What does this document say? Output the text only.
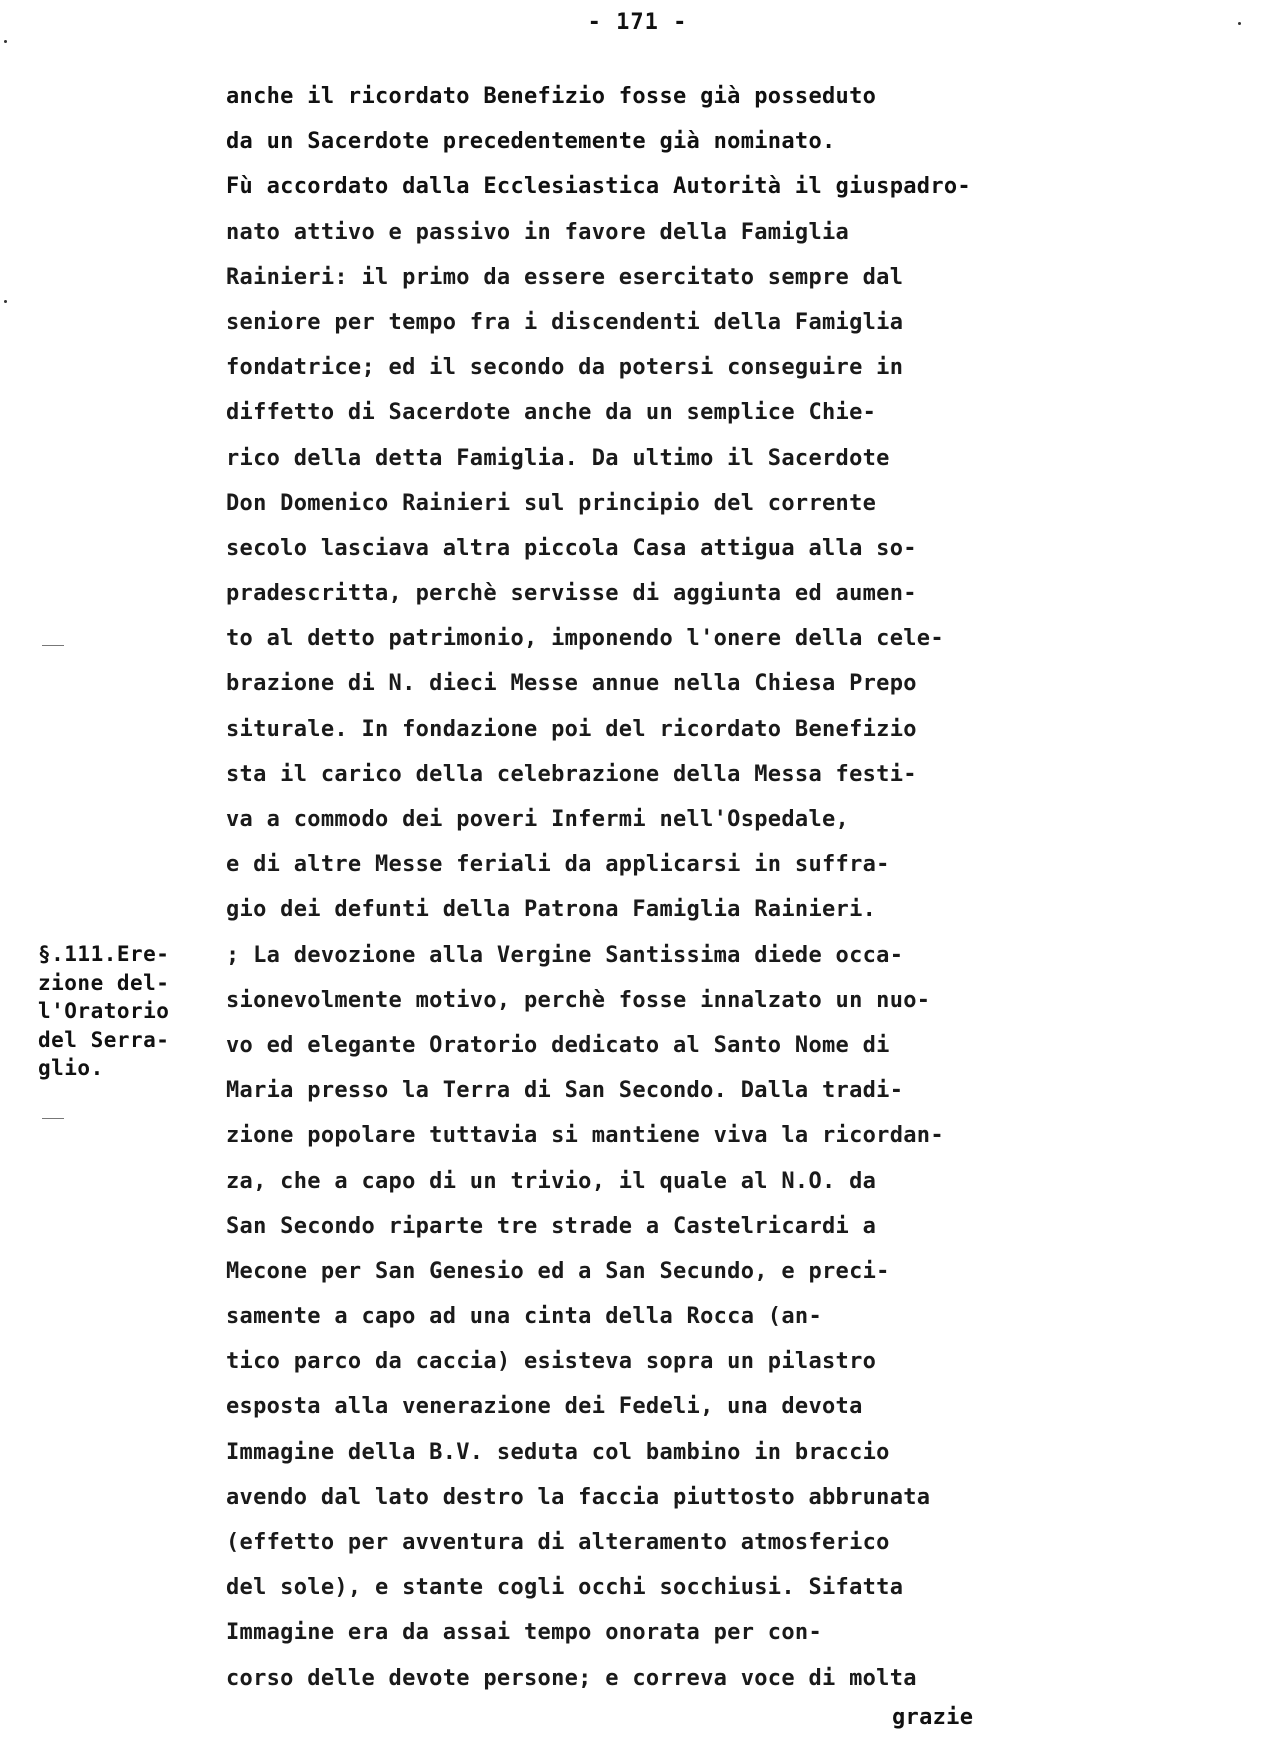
- 171 -
§.111.Ere-
zione del-
l'Oratorio
del Serra-
glio.
anche il ricordato Benefizio fosse già posseduto
da un Sacerdote precedentemente già nominato.
Fù accordato dalla Ecclesiastica Autorità il giuspadro-
nato attivo e passivo in favore della Famiglia
Rainieri: il primo da essere esercitato sempre dal
seniore per tempo fra i discendenti della Famiglia
fondatrice; ed il secondo da potersi conseguire in
diffetto di Sacerdote anche da un semplice Chie-
rico della detta Famiglia. Da ultimo il Sacerdote
Don Domenico Rainieri sul principio del corrente
secolo lasciava altra piccola Casa attigua alla so-
pradescritta, perchè servisse di aggiunta ed aumen-
to al detto patrimonio, imponendo l'onere della cele-
brazione di N. dieci Messe annue nella Chiesa Prepo
siturale. In fondazione poi del ricordato Benefizio
sta il carico della celebrazione della Messa festi-
va a commodo dei poveri Infermi nell'Ospedale,
e di altre Messe feriali da applicarsi in suffra-
gio dei defunti della Patrona Famiglia Rainieri.
; La devozione alla Vergine Santissima diede occa-
sionevolmente motivo, perchè fosse innalzato un nuo-
vo ed elegante Oratorio dedicato al Santo Nome di
Maria presso la Terra di San Secondo. Dalla tradi-
zione popolare tuttavia si mantiene viva la ricordan-
za, che a capo di un trivio, il quale al N.O. da
San Secondo riparte tre strade a Castelricardi a
Mecone per San Genesio ed a San Secundo, e preci-
samente a capo ad una cinta della Rocca (an-
tico parco da caccia) esisteva sopra un pilastro
esposta alla venerazione dei Fedeli, una devota
Immagine della B.V. seduta col bambino in braccio
avendo dal lato destro la faccia piuttosto abbrunata
(effetto per avventura di alteramento atmosferico
del sole), e stante cogli occhi socchiusi. Sifatta
Immagine era da assai tempo onorata per con-
corso delle devote persone; e correva voce di molta
grazie
